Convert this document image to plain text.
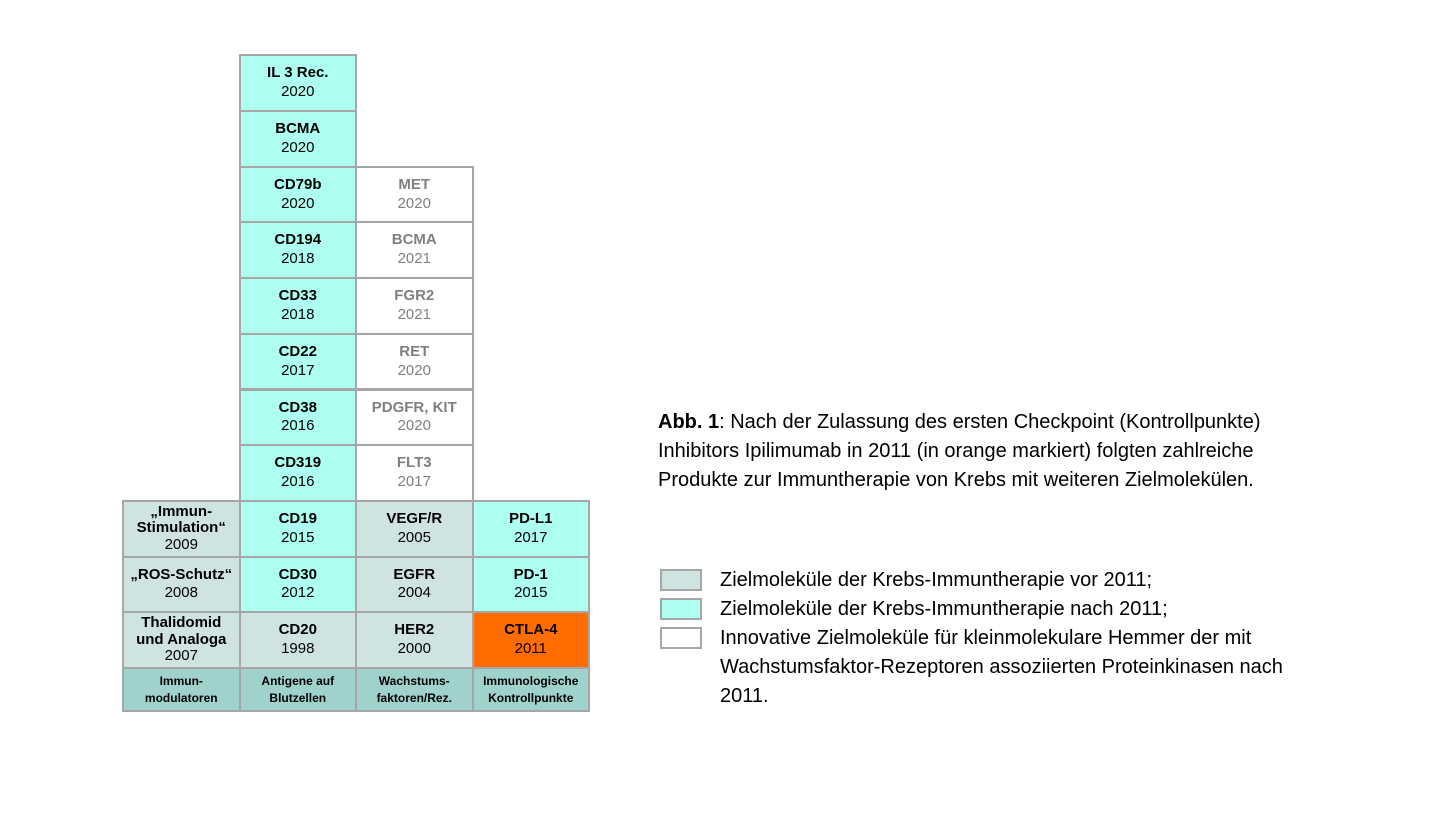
Immun-
modulatoren
Thalidomid und Analoga
2007
„ROS-Schutz“
2008
„Immun-Stimulation“
2009
Antigene auf
Blutzellen
CD20
1998
CD30
2012
CD19
2015
CD319
2016
CD38
2016
CD22
2017
CD33
2018
CD194
2018
CD79b
2020
BCMA
2020
IL 3 Rec.
2020
Wachstums-
faktoren/Rez.
HER2
2000
EGFR
2004
VEGF/R
2005
FLT3
2017
PDGFR, KIT
2020
RET
2020
FGR2
2021
BCMA
2021
MET
2020
Immunologische
Kontrollpunkte
CTLA-4
2011
PD-1
2015
PD-L1
2017
Abb. 1: Nach der Zulassung des ersten Checkpoint (Kontrollpunkte) Inhibitors Ipilimumab in 2011 (in orange markiert) folgten zahlreiche Produkte zur Immuntherapie von Krebs mit weiteren Zielmolekülen.
Zielmoleküle der Krebs-Immuntherapie vor 2011;
Zielmoleküle der Krebs-Immuntherapie nach 2011;
Innovative Zielmoleküle für kleinmolekulare Hemmer der mit Wachstumsfaktor-Rezeptoren assoziierten Proteinkinasen nach 2011.
